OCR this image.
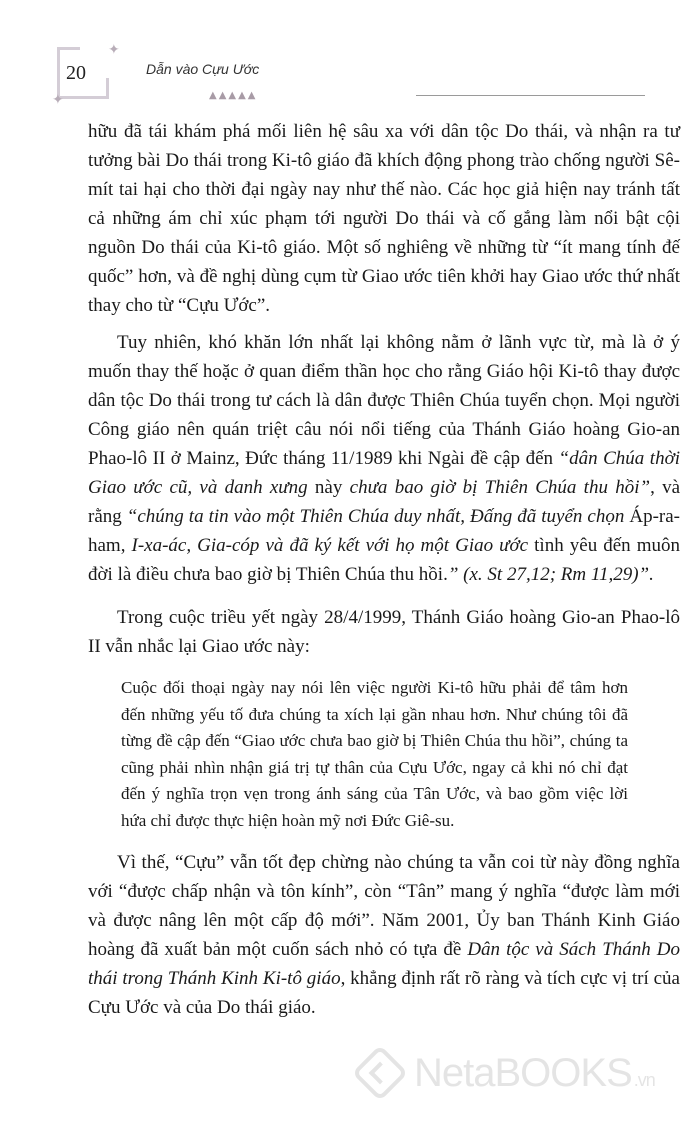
✦
✦
20	Dẫn vào Cựu Ước
▲▲▲▲▲

hữu đã tái khám phá mối liên hệ sâu xa với dân tộc Do thái, và nhận ra tư tưởng bài Do thái trong Ki-tô giáo đã khích động phong trào chống người Sê-mít tai hại cho thời đại ngày nay như thế nào. Các học giả hiện nay tránh tất cả những ám chỉ xúc phạm tới người Do thái và cố gắng làm nổi bật cội nguồn Do thái của Ki-tô giáo. Một số nghiêng về những từ “ít mang tính đế quốc” hơn, và đề nghị dùng cụm từ Giao ước tiên khởi hay Giao ước thứ nhất thay cho từ “Cựu Ước”.

Tuy nhiên, khó khăn lớn nhất lại không nằm ở lãnh vực từ, mà là ở ý muốn thay thế hoặc ở quan điểm thần học cho rằng Giáo hội Ki-tô thay được dân tộc Do thái trong tư cách là dân được Thiên Chúa tuyển chọn. Mọi người Công giáo nên quán triệt câu nói nổi tiếng của Thánh Giáo hoàng Gio-an Phao-lô II ở Mainz, Đức tháng 11/1989 khi Ngài đề cập đến “dân Chúa thời Giao ước cũ, và danh xưng này chưa bao giờ bị Thiên Chúa thu hồi”, và rằng “chúng ta tin vào một Thiên Chúa duy nhất, Đấng đã tuyển chọn Áp-ra-ham, I-xa-ác, Gia-cóp và đã ký kết với họ một Giao ước tình yêu đến muôn đời là điều chưa bao giờ bị Thiên Chúa thu hồi.” (x. St 27,12; Rm 11,29)”.

Trong cuộc triều yết ngày 28/4/1999, Thánh Giáo hoàng Gio-an Phao-lô II vẫn nhắc lại Giao ước này:

Cuộc đối thoại ngày nay nói lên việc người Ki-tô hữu phải để tâm hơn đến những yếu tố đưa chúng ta xích lại gần nhau hơn. Như chúng tôi đã từng đề cập đến “Giao ước chưa bao giờ bị Thiên Chúa thu hồi”, chúng ta cũng phải nhìn nhận giá trị tự thân của Cựu Ước, ngay cả khi nó chỉ đạt đến ý nghĩa trọn vẹn trong ánh sáng của Tân Ước, và bao gồm việc lời hứa chỉ được thực hiện hoàn mỹ nơi Đức Giê-su.

Vì thế, “Cựu” vẫn tốt đẹp chừng nào chúng ta vẫn coi từ này đồng nghĩa với “được chấp nhận và tôn kính”, còn “Tân” mang ý nghĩa “được làm mới và được nâng lên một cấp độ mới”. Năm 2001, Ủy ban Thánh Kinh Giáo hoàng đã xuất bản một cuốn sách nhỏ có tựa đề Dân tộc và Sách Thánh Do thái trong Thánh Kinh Ki-tô giáo, khẳng định rất rõ ràng và tích cực vị trí của Cựu Ước và của Do thái giáo.

NetaBOOKS .vn
